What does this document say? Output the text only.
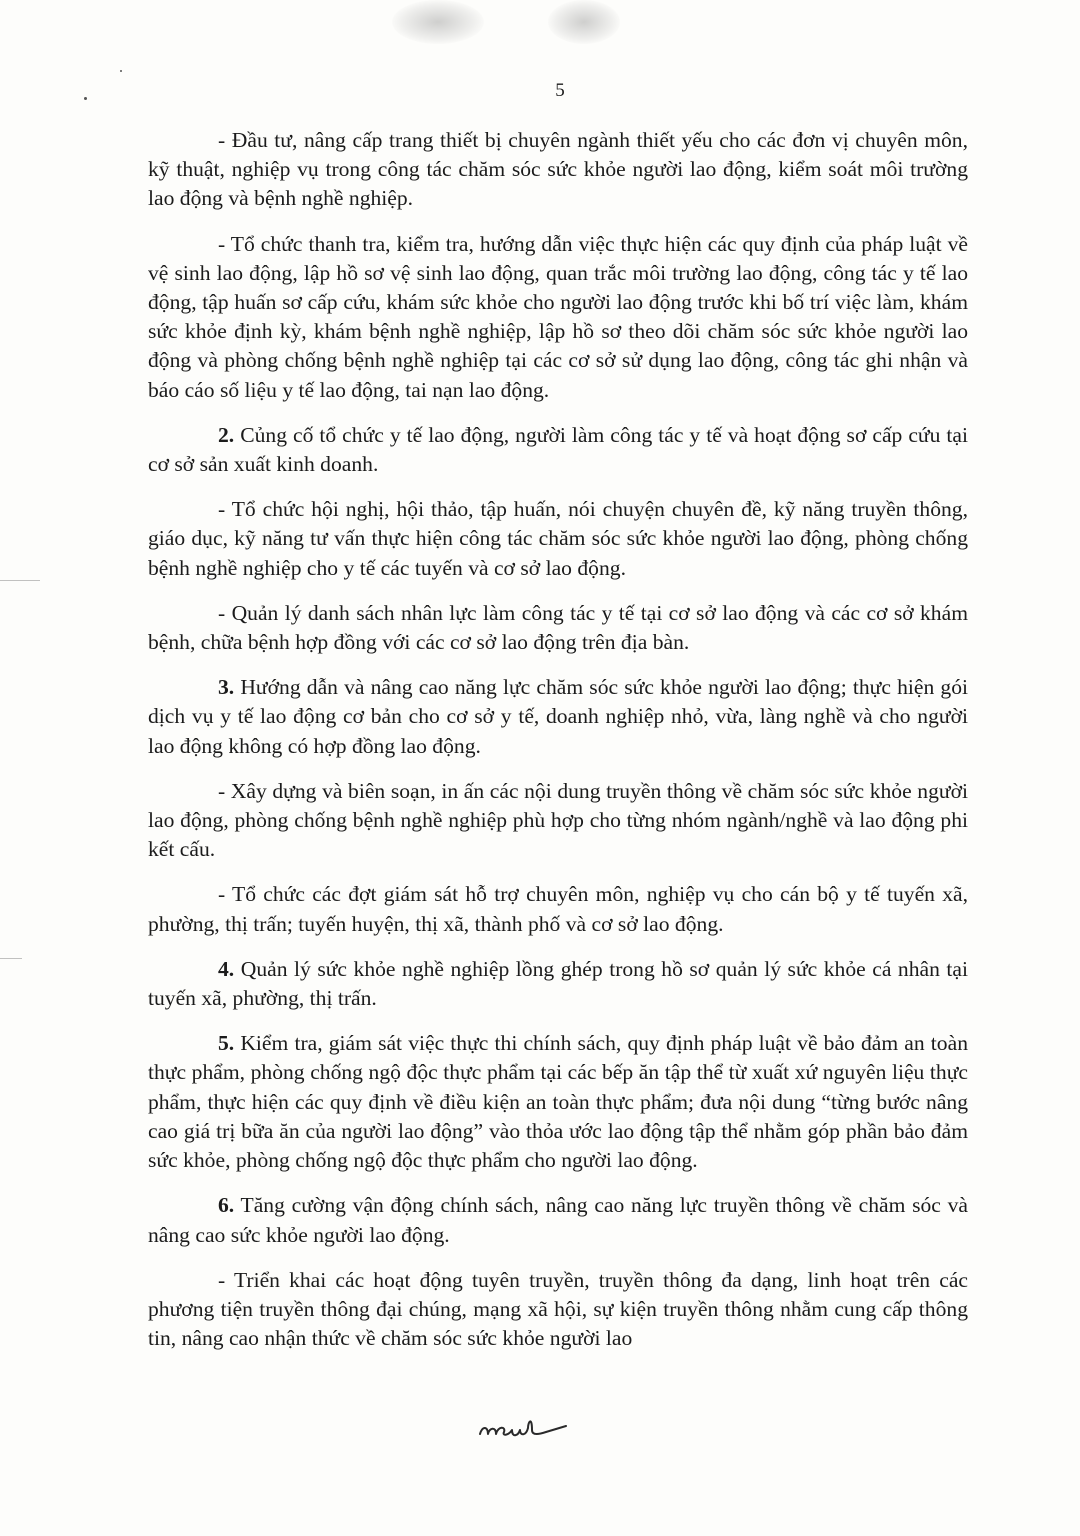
5

- Đầu tư, nâng cấp trang thiết bị chuyên ngành thiết yếu cho các đơn vị chuyên môn, kỹ thuật, nghiệp vụ trong công tác chăm sóc sức khỏe người lao động, kiểm soát môi trường lao động và bệnh nghề nghiệp.

- Tổ chức thanh tra, kiểm tra, hướng dẫn việc thực hiện các quy định của pháp luật về vệ sinh lao động, lập hồ sơ vệ sinh lao động, quan trắc môi trường lao động, công tác y tế lao động, tập huấn sơ cấp cứu, khám sức khỏe cho người lao động trước khi bố trí việc làm, khám sức khỏe định kỳ, khám bệnh nghề nghiệp, lập hồ sơ theo dõi chăm sóc sức khỏe người lao động và phòng chống bệnh nghề nghiệp tại các cơ sở sử dụng lao động, công tác ghi nhận và báo cáo số liệu y tế lao động, tai nạn lao động.

2. Củng cố tổ chức y tế lao động, người làm công tác y tế và hoạt động sơ cấp cứu tại cơ sở sản xuất kinh doanh.

- Tổ chức hội nghị, hội thảo, tập huấn, nói chuyện chuyên đề, kỹ năng truyền thông, giáo dục, kỹ năng tư vấn thực hiện công tác chăm sóc sức khỏe người lao động, phòng chống bệnh nghề nghiệp cho y tế các tuyến và cơ sở lao động.

- Quản lý danh sách nhân lực làm công tác y tế tại cơ sở lao động và các cơ sở khám bệnh, chữa bệnh hợp đồng với các cơ sở lao động trên địa bàn.

3. Hướng dẫn và nâng cao năng lực chăm sóc sức khỏe người lao động; thực hiện gói dịch vụ y tế lao động cơ bản cho cơ sở y tế, doanh nghiệp nhỏ, vừa, làng nghề và cho người lao động không có hợp đồng lao động.

- Xây dựng và biên soạn, in ấn các nội dung truyền thông về chăm sóc sức khỏe người lao động, phòng chống bệnh nghề nghiệp phù hợp cho từng nhóm ngành/nghề và lao động phi kết cấu.

- Tổ chức các đợt giám sát hỗ trợ chuyên môn, nghiệp vụ cho cán bộ y tế tuyến xã, phường, thị trấn; tuyến huyện, thị xã, thành phố và cơ sở lao động.

4. Quản lý sức khỏe nghề nghiệp lồng ghép trong hồ sơ quản lý sức khỏe cá nhân tại tuyến xã, phường, thị trấn.

5. Kiểm tra, giám sát việc thực thi chính sách, quy định pháp luật về bảo đảm an toàn thực phẩm, phòng chống ngộ độc thực phẩm tại các bếp ăn tập thể từ xuất xứ nguyên liệu thực phẩm, thực hiện các quy định về điều kiện an toàn thực phẩm; đưa nội dung “từng bước nâng cao giá trị bữa ăn của người lao động” vào thỏa ước lao động tập thể nhằm góp phần bảo đảm sức khỏe, phòng chống ngộ độc thực phẩm cho người lao động.

6. Tăng cường vận động chính sách, nâng cao năng lực truyền thông về chăm sóc và nâng cao sức khỏe người lao động.

- Triển khai các hoạt động tuyên truyền, truyền thông đa dạng, linh hoạt trên các phương tiện truyền thông đại chúng, mạng xã hội, sự kiện truyền thông nhằm cung cấp thông tin, nâng cao nhận thức về chăm sóc sức khỏe người lao
